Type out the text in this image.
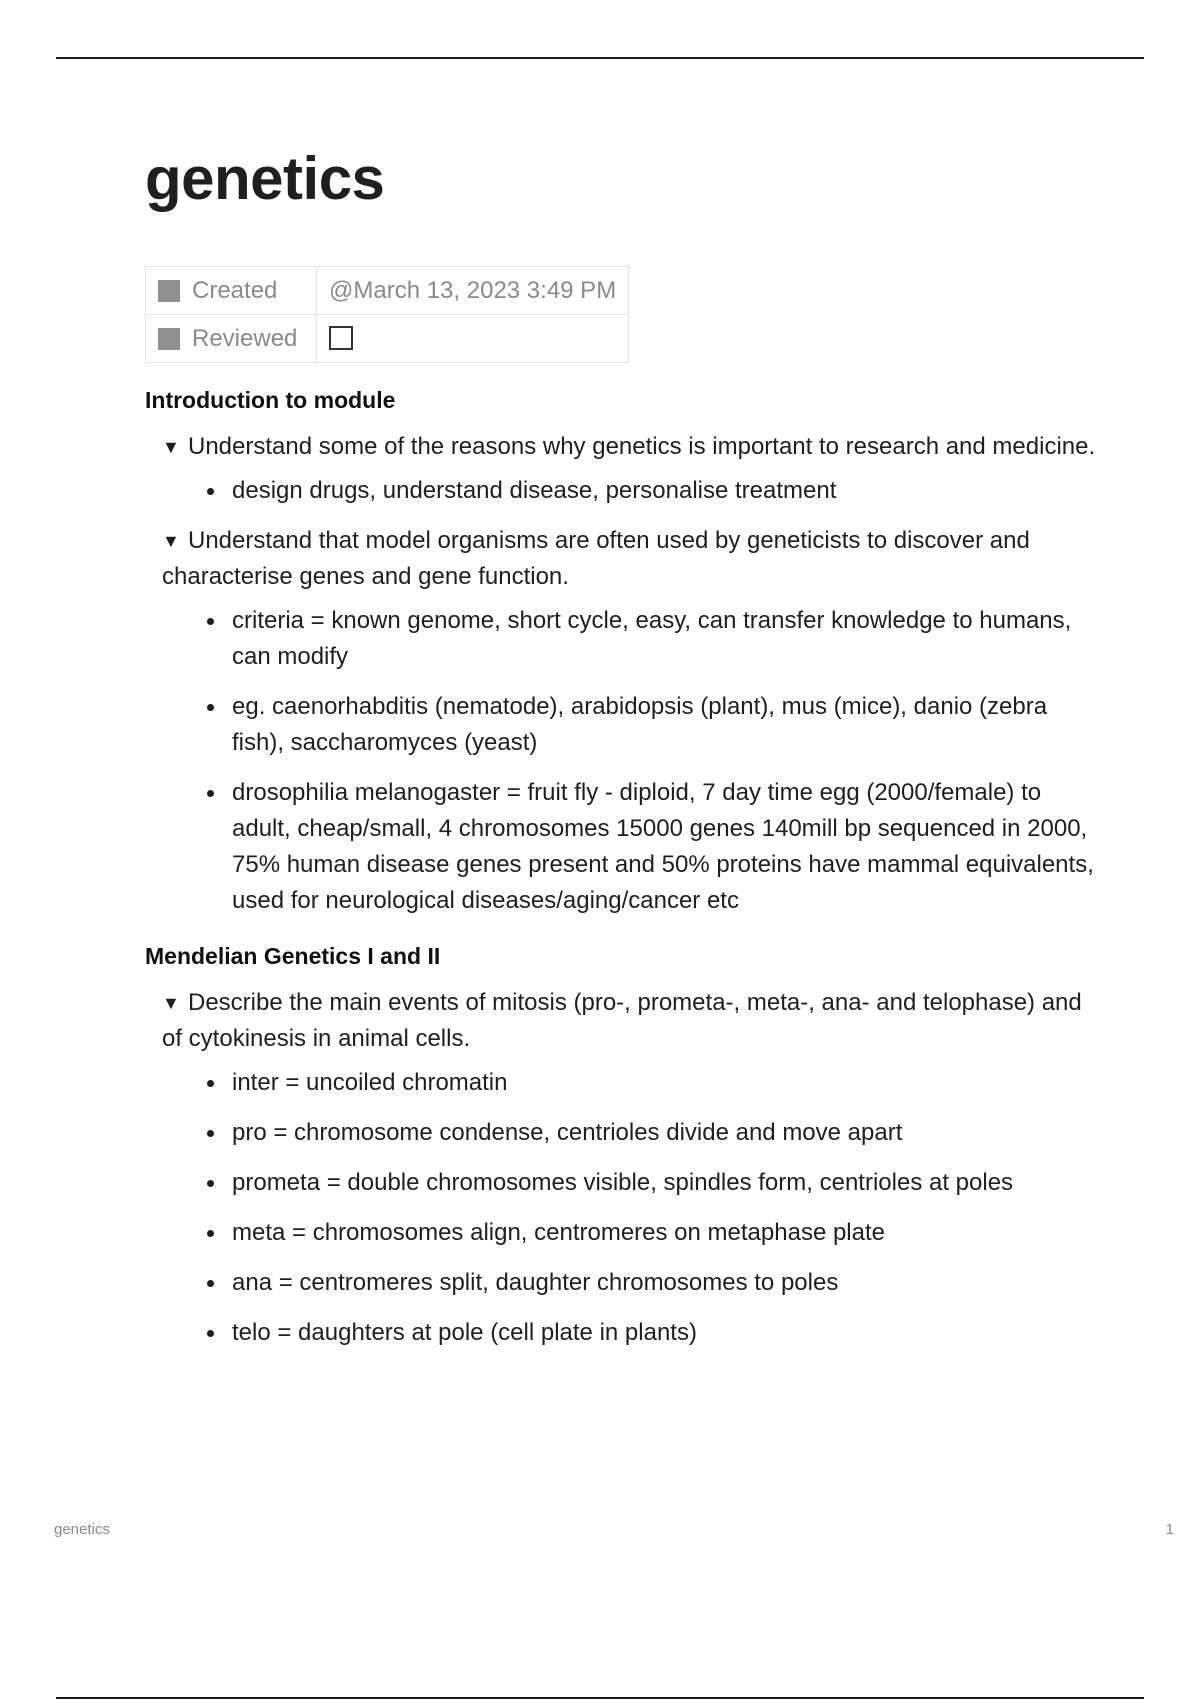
genetics
Created	@March 13, 2023 3:49 PM
Reviewed	
Introduction to module
▼ Understand some of the reasons why genetics is important to research and medicine.
design drugs, understand disease, personalise treatment
▼ Understand that model organisms are often used by geneticists to discover and characterise genes and gene function.
criteria = known genome, short cycle, easy, can transfer knowledge to humans, can modify
eg. caenorhabditis (nematode), arabidopsis (plant), mus (mice), danio (zebra fish), saccharomyces (yeast)
drosophilia melanogaster = fruit fly - diploid, 7 day time egg (2000/female) to adult, cheap/small, 4 chromosomes 15000 genes 140mill bp sequenced in 2000, 75% human disease genes present and 50% proteins have mammal equivalents, used for neurological diseases/aging/cancer etc
Mendelian Genetics I and II
▼ Describe the main events of mitosis (pro-, prometa-, meta-, ana- and telophase) and of cytokinesis in animal cells.
inter = uncoiled chromatin
pro = chromosome condense, centrioles divide and move apart
prometa = double chromosomes visible, spindles form, centrioles at poles
meta = chromosomes align, centromeres on metaphase plate
ana = centromeres split, daughter chromosomes to poles
telo = daughters at pole (cell plate in plants)
genetics	1
